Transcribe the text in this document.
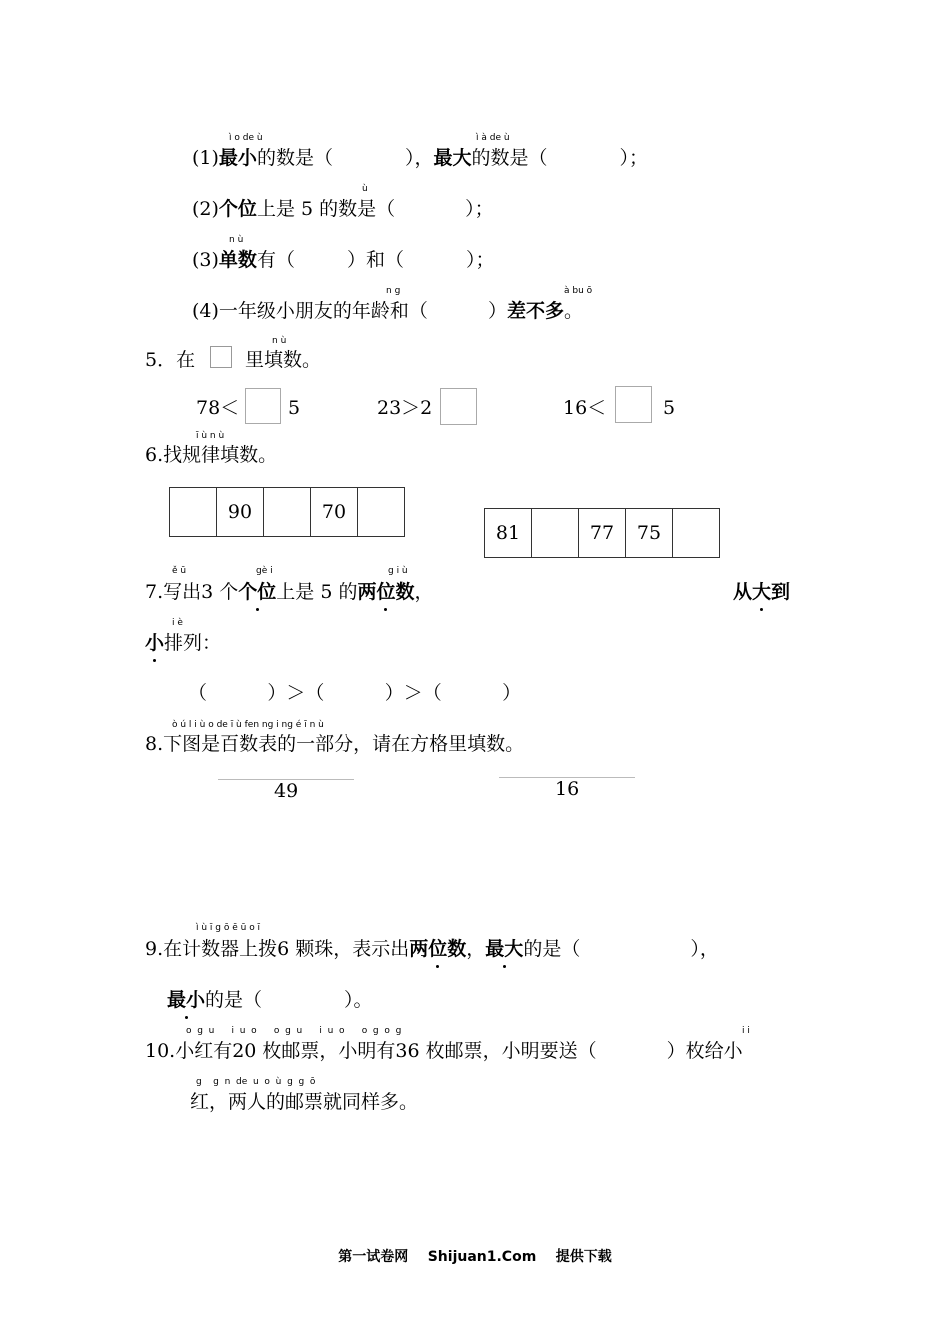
ì o de ù	ì à de ù
(1)最小的数是（	），最大的数是（	）；
ù
(2)个位上是 5 的数是（	）；
n ù
(3)单数有（	）和（	）；
n g	à bu ō
(4)一年级小朋友的年龄和（	）差不多。
n ù
5．在	里填数。
78＜	5	23＞2	16＜	5
ī ù n ù
6.找规律填数。
	90		70	
81		77	75	
ě ū	gè i	g i ù
7.写出3 个个位上是 5 的两位数，	从大到
i è
小排列：
（          ）＞（          ）＞（          ）
ò ú l i ù o de ī ù fen ng i ng é ī n ù
8.下图是百数表的一部分，请在方格里填数。
49	16
ì ù ī g ō ē ū o ī
9.在计数器上拨6 颗珠，表示出两位数，最大的是（	），
最小的是（	）。
o  g  u      i  u  o      o  g  u      i  u  o      o  g  o  g	i i
10.小红有20 枚邮票，小明有36 枚邮票，小明要送（	）枚给小
g    g  n  de  u  o  ù  g  g  ō
红，两人的邮票就同样多。
第一试卷网    Shijuan1.Com    提供下载
